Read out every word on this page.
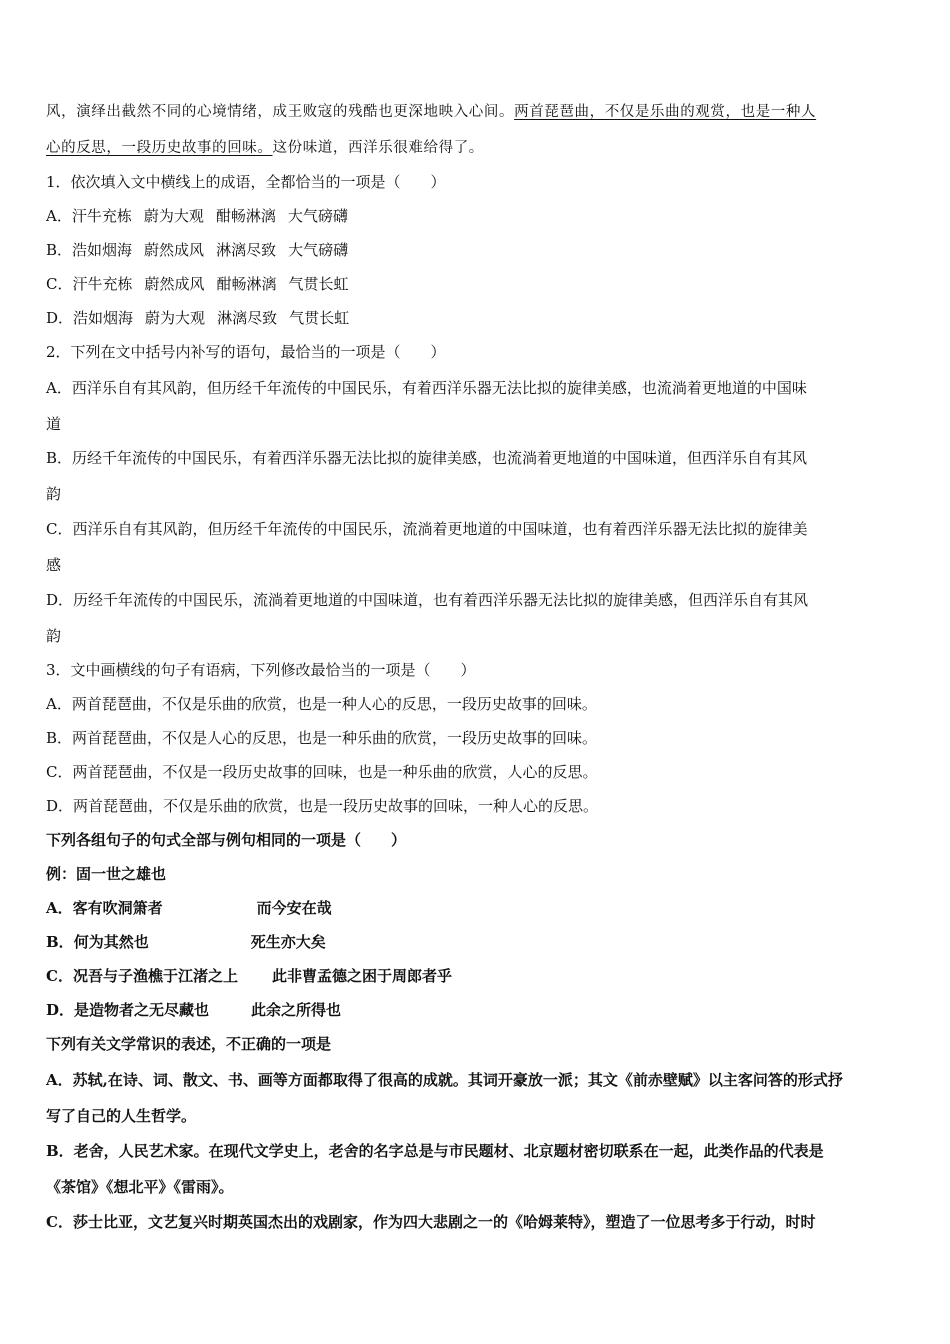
风，演绎出截然不同的心境情绪，成王败寇的残酷也更深地映入心间。两首琵琶曲，不仅是乐曲的观赏，也是一种人
心的反思，一段历史故事的回味。这份味道，西洋乐很难给得了。
1．依次填入文中横线上的成语，全都恰当的一项是（　　）
A．汗牛充栋 蔚为大观 酣畅淋漓 大气磅礴
B．浩如烟海 蔚然成风 淋漓尽致 大气磅礴
C．汗牛充栋 蔚然成风 酣畅淋漓 气贯长虹
D．浩如烟海 蔚为大观 淋漓尽致 气贯长虹
2．下列在文中括号内补写的语句，最恰当的一项是（　　）
A．西洋乐自有其风韵，但历经千年流传的中国民乐，有着西洋乐器无法比拟的旋律美感，也流淌着更地道的中国味
道
B．历经千年流传的中国民乐，有着西洋乐器无法比拟的旋律美感，也流淌着更地道的中国味道，但西洋乐自有其风
韵
C．西洋乐自有其风韵，但历经千年流传的中国民乐，流淌着更地道的中国味道，也有着西洋乐器无法比拟的旋律美
感
D．历经千年流传的中国民乐，流淌着更地道的中国味道，也有着西洋乐器无法比拟的旋律美感，但西洋乐自有其风
韵
3．文中画横线的句子有语病，下列修改最恰当的一项是（　　）
A．两首琵琶曲，不仅是乐曲的欣赏，也是一种人心的反思，一段历史故事的回味。
B．两首琵琶曲，不仅是人心的反思，也是一种乐曲的欣赏，一段历史故事的回味。
C．两首琵琶曲，不仅是一段历史故事的回味，也是一种乐曲的欣赏，人心的反思。
D．两首琵琶曲，不仅是乐曲的欣赏，也是一段历史故事的回味，一种人心的反思。
下列各组句子的句式全部与例句相同的一项是（　　）
例：固一世之雄也
A．客有吹洞箫者	而今安在哉
B．何为其然也	死生亦大矣
C．况吾与子渔樵于江渚之上 此非曹孟德之困于周郎者乎
D．是造物者之无尽藏也	此余之所得也
下列有关文学常识的表述，不正确的一项是
A．苏轼,在诗、词、散文、书、画等方面都取得了很高的成就。其词开豪放一派；其文《前赤壁赋》以主客问答的形式抒
写了自己的人生哲学。
B．老舍，人民艺术家。在现代文学史上，老舍的名字总是与市民题材、北京题材密切联系在一起，此类作品的代表是
《茶馆》《想北平》《雷雨》。
C．莎士比亚，文艺复兴时期英国杰出的戏剧家，作为四大悲剧之一的《哈姆莱特》，塑造了一位思考多于行动，时时
